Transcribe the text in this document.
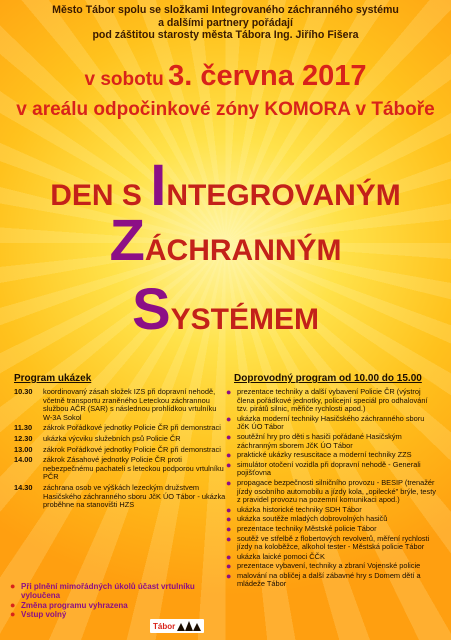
Město Tábor spolu se složkami Integrovaného záchranného systému
a dalšími partnery pořádají
pod záštitou starosty města Tábora Ing. Jiřího Fišera
v sobotu 3. června 2017
v areálu odpočinkové zóny KOMORA v Táboře
DEN S INTEGROVANÝM
ZÁCHRANNÝM
SYSTÉMEM
Program ukázek	Doprovodný program od 10.00 do 15.00
10.30	koordinovaný zásah složek IZS při dopravní nehodě, včetně transportu zraněného Leteckou záchrannou službou AČR (SAR) s následnou prohlídkou vrtulníku W-3A Sokol
11.30	zákrok Pořádkové jednotky Policie ČR při demonstraci
12.30	ukázka výcviku služebních psů Policie ČR
13.00	zákrok Pořádkové jednotky Policie ČR při demonstraci
14.00	zákrok Zásahové jednotky Policie ČR proti nebezpečnému pachateli s leteckou podporou vrtulníku PČR
14.30	záchrana osob ve výškách lezeckým družstvem Hasičského záchranného sboru JčK ÚO Tábor - ukázka proběhne na stanovišti HZS
● prezentace techniky a další vybavení Policie ČR (výstroj člena pořádkové jednotky, policejní speciál pro odhalování tzv. pirátů silnic, měřiče rychlosti apod.)
● ukázka moderní techniky Hasičského záchranného sboru JčK ÚO Tábor
● soutěžní hry pro děti s hasiči pořádané Hasičským záchranným sborem JčK ÚO Tábor
● praktické ukázky resuscitace a moderní techniky ZZS
● simulátor otočení vozidla při dopravní nehodě - Generali pojišťovna
● propagace bezpečnosti silničního provozu - BESIP (trenažér jízdy osobního automobilu a jízdy kola, „opilecké" brýle, testy z pravidel provozu na pozemní komunikaci apod.)
● ukázka historické techniky SDH Tábor
● ukázka soutěže mladých dobrovolných hasičů
● prezentace techniky Městské policie Tábor
● soutěž ve střelbě z flobertových revolverů, měření rychlosti jízdy na koloběžce, alkohol tester - Městská policie Tábor
● ukázka laické pomoci ČČK
● prezentace vybavení, techniky a zbraní Vojenské policie
● malování na obličej a další zábavné hry s Domem dětí a mládeže Tábor
● Při plnění mimořádných úkolů účast vrtulníku vyloučena
● Změna programu vyhrazena
● Vstup volný
Tábor
